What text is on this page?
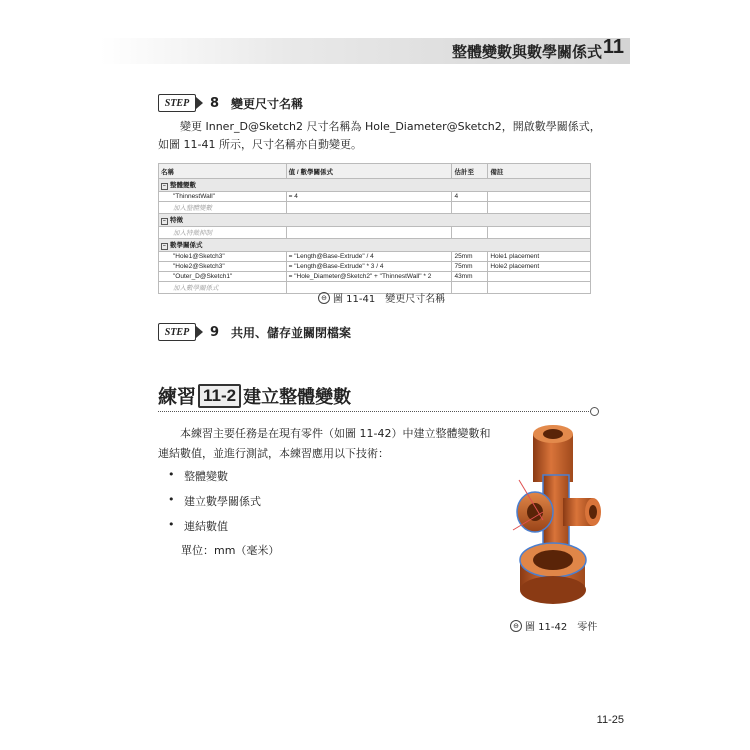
整體變數與數學關係式 11
STEP	8 變更尺寸名稱
變更 Inner_D@Sketch2 尺寸名稱為 Hole_Diameter@Sketch2，開啟數學關係式，
如圖 11-41 所示，尺寸名稱亦自動變更。
名稱	值 / 數學關係式	估計至	備註
− 整體變數			
"ThinnestWall"	= 4	4	
加入整體變數			
− 特徵			
加入特徵抑制			
− 數學關係式			
"Hole1@Sketch3"	= "Length@Base-Extrude" / 4	25mm	Hole1 placement
"Hole2@Sketch3"	= "Length@Base-Extrude" * 3 / 4	75mm	Hole2 placement
"Outer_D@Sketch1"	= "Hole_Diameter@Sketch2" + "ThinnestWall" * 2	43mm	
加入數學關係式			
⊖ 圖 11-41　變更尺寸名稱
STEP	9 共用、儲存並關閉檔案
練習 11-2 建立整體變數
本練習主要任務是在現有零件（如圖 11-42）中建立整體變數和
連結數值，並進行測試，本練習應用以下技術：
• 整體變數
• 建立數學關係式
• 連結數值
單位：mm（毫米）
⊖ 圖 11-42　零件
11-25
